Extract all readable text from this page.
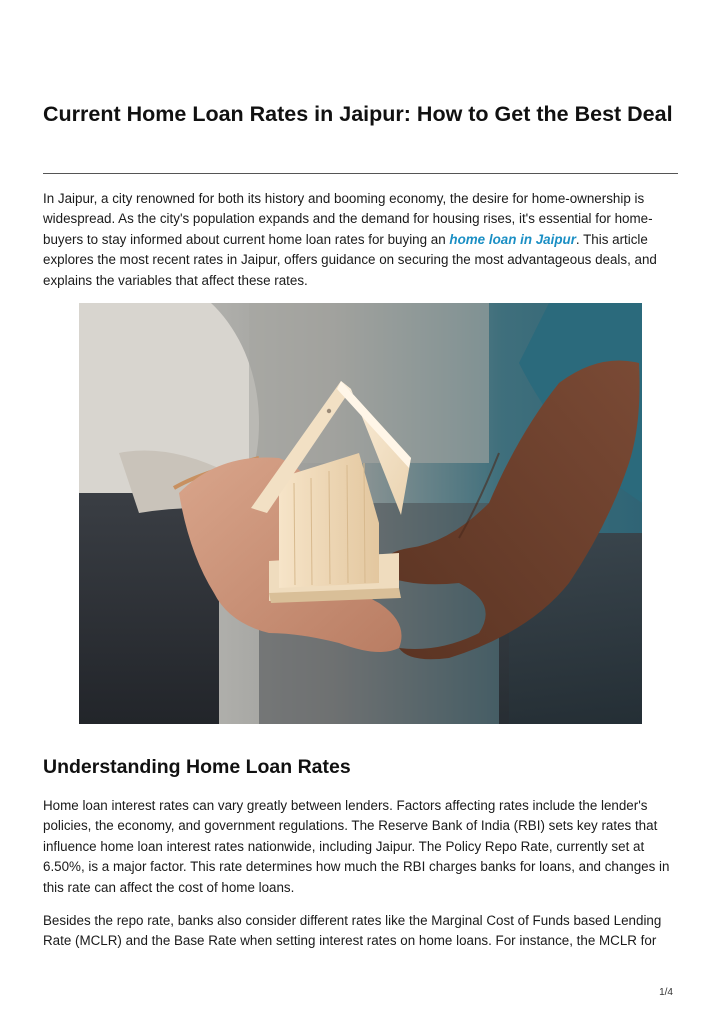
Current Home Loan Rates in Jaipur: How to Get the Best Deal

In Jaipur, a city renowned for both its history and booming economy, the desire for home-ownership is widespread. As the city's population expands and the demand for housing rises, it's essential for home-buyers to stay informed about current home loan rates for buying an home loan in Jaipur. This article explores the most recent rates in Jaipur, offers guidance on securing the most advantageous deals, and explains the variables that affect these rates.

Understanding Home Loan Rates

Home loan interest rates can vary greatly between lenders. Factors affecting rates include the lender's policies, the economy, and government regulations. The Reserve Bank of India (RBI) sets key rates that influence home loan interest rates nationwide, including Jaipur. The Policy Repo Rate, currently set at 6.50%, is a major factor. This rate determines how much the RBI charges banks for loans, and changes in this rate can affect the cost of home loans.

Besides the repo rate, banks also consider different rates like the Marginal Cost of Funds based Lending Rate (MCLR) and the Base Rate when setting interest rates on home loans. For instance, the MCLR for

1/4
